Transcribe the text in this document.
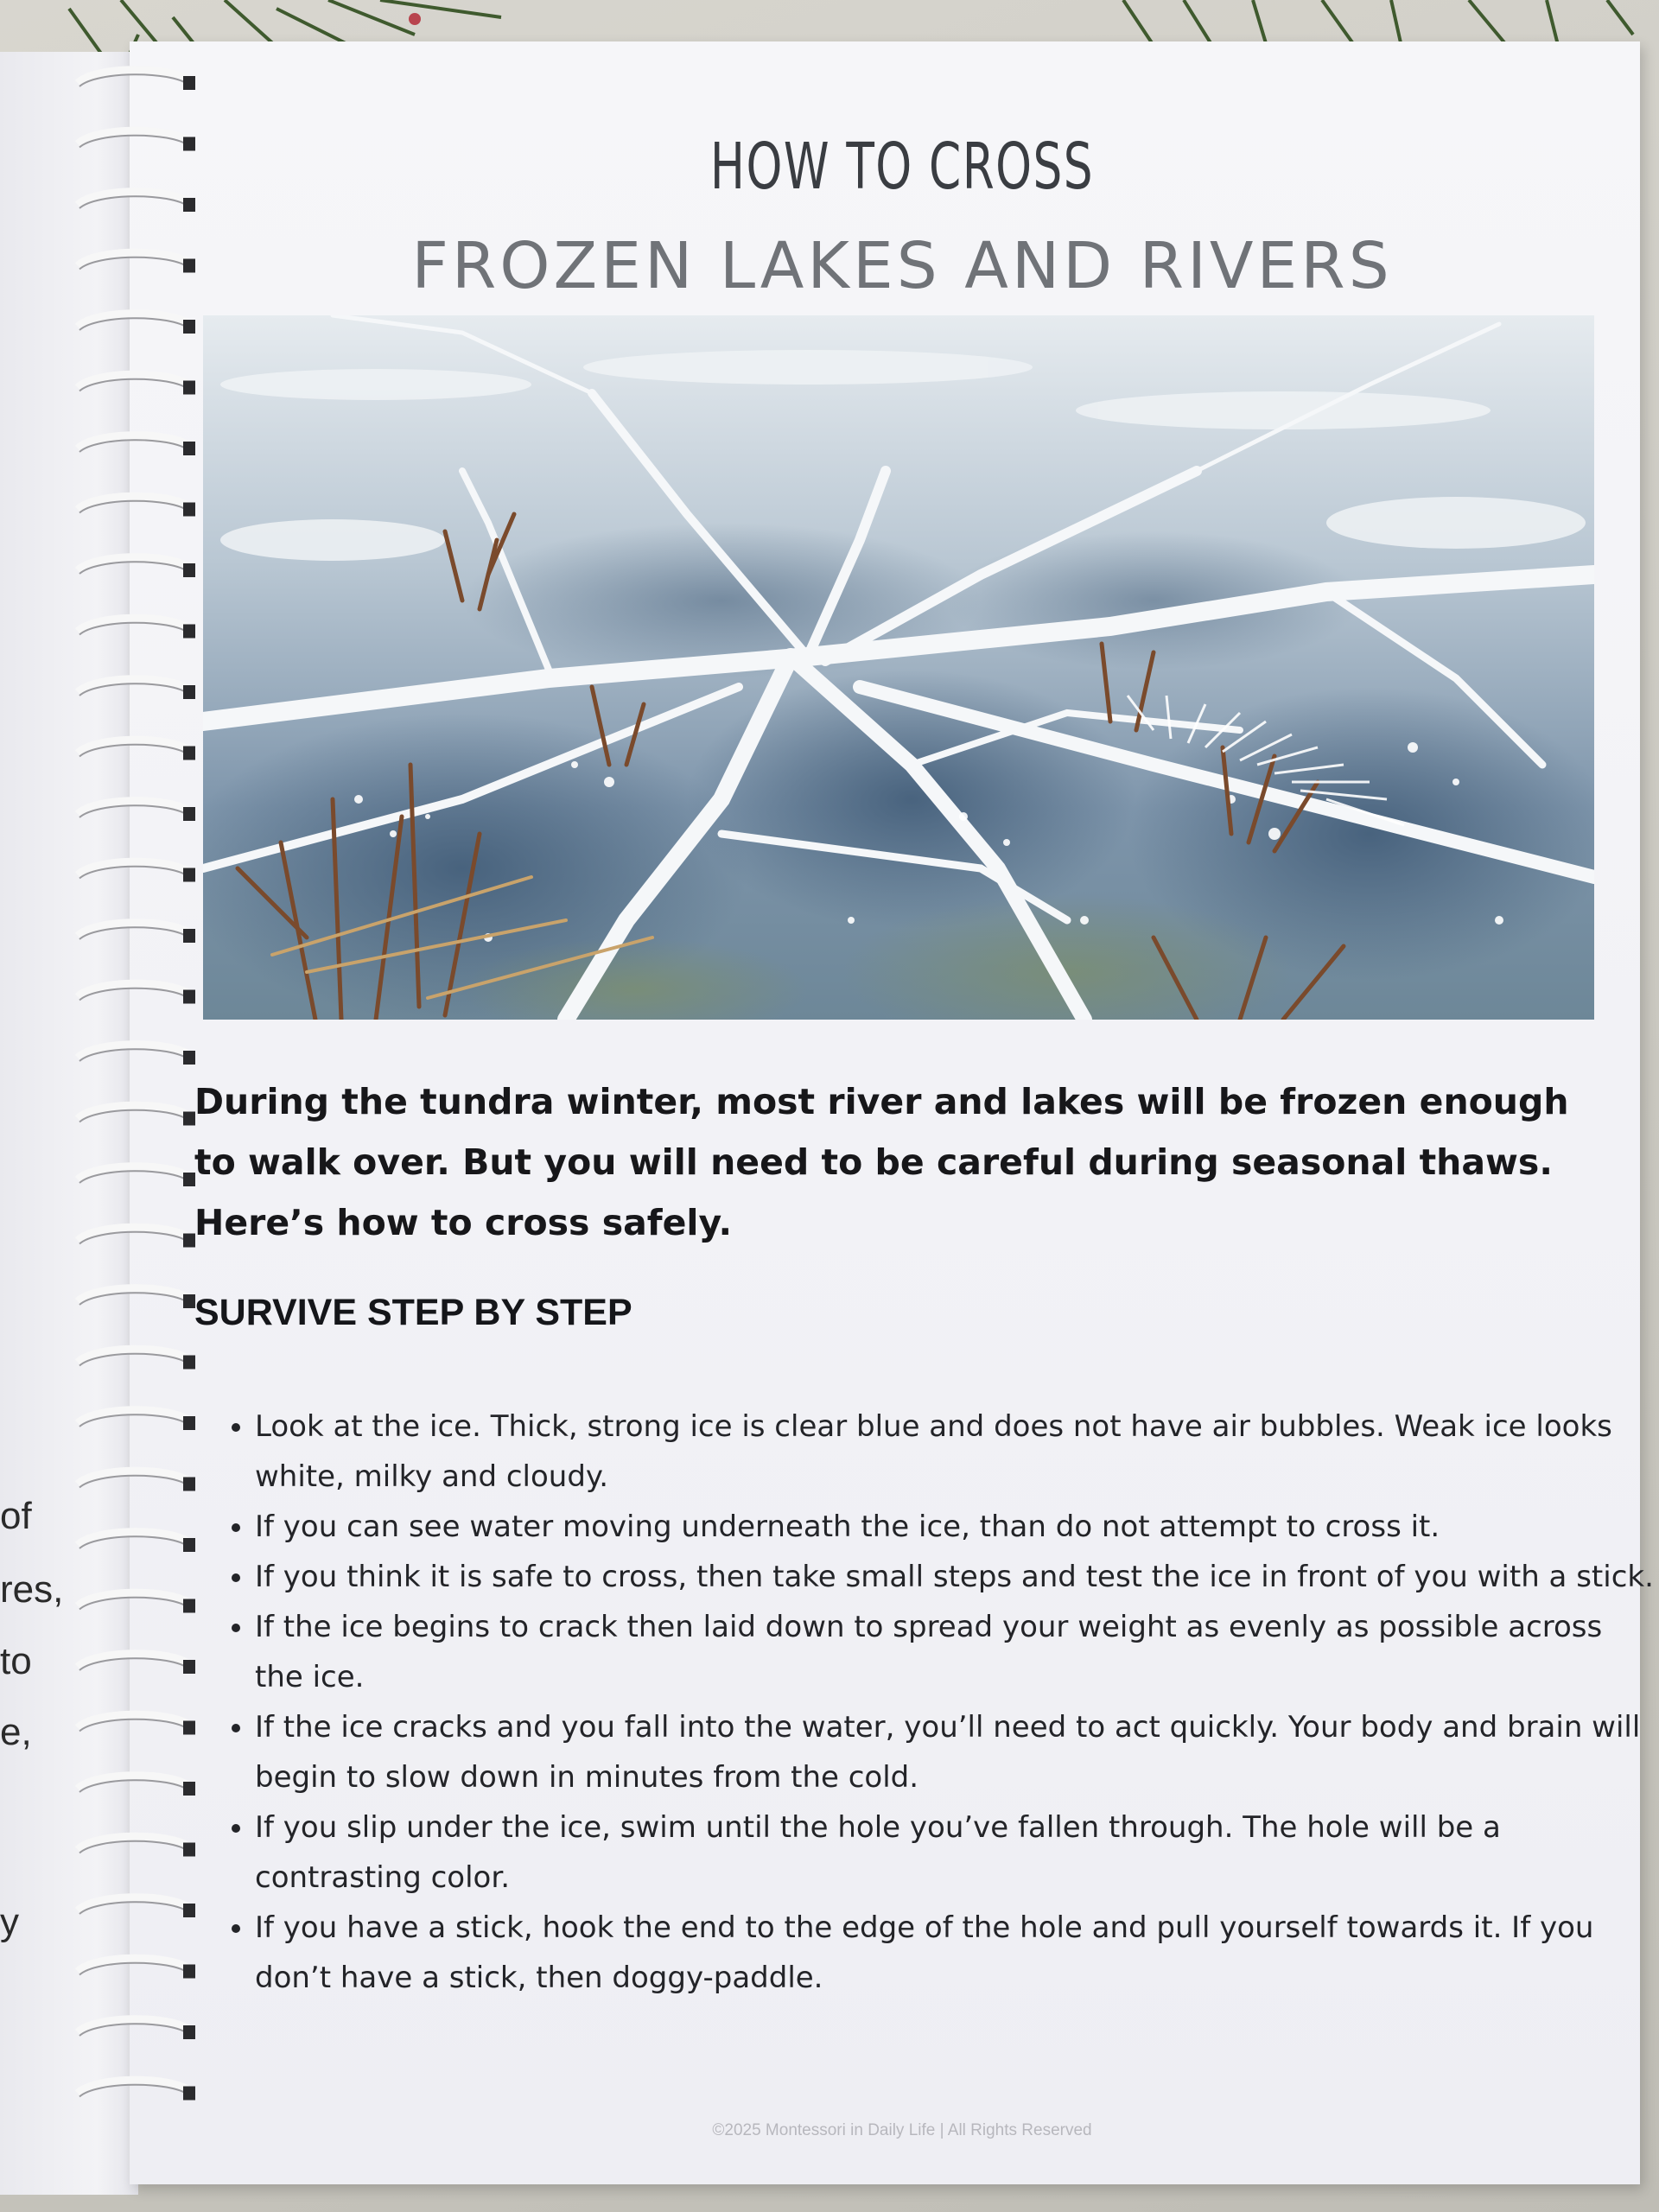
of
res,
to
e,
y
HOW TO CROSS
FROZEN LAKES AND RIVERS

During the tundra winter, most river and lakes will be frozen enough to walk over. But you will need to be careful during seasonal thaws. Here’s how to cross safely.

SURVIVE STEP BY STEP
• Look at the ice. Thick, strong ice is clear blue and does not have air bubbles. Weak ice looks white, milky and cloudy.
• If you can see water moving underneath the ice, than do not attempt to cross it.
• If you think it is safe to cross, then take small steps and test the ice in front of you with a stick.
• If the ice begins to crack then laid down to spread your weight as evenly as possible across the ice.
• If the ice cracks and you fall into the water, you’ll need to act quickly. Your body and brain will begin to slow down in minutes from the cold.
• If you slip under the ice, swim until the hole you’ve fallen through. The hole will be a contrasting color.
• If you have a stick, hook the end to the edge of the hole and pull yourself towards it. If you don’t have a stick, then doggy-paddle.
©2025 Montessori in Daily Life | All Rights Reserved
